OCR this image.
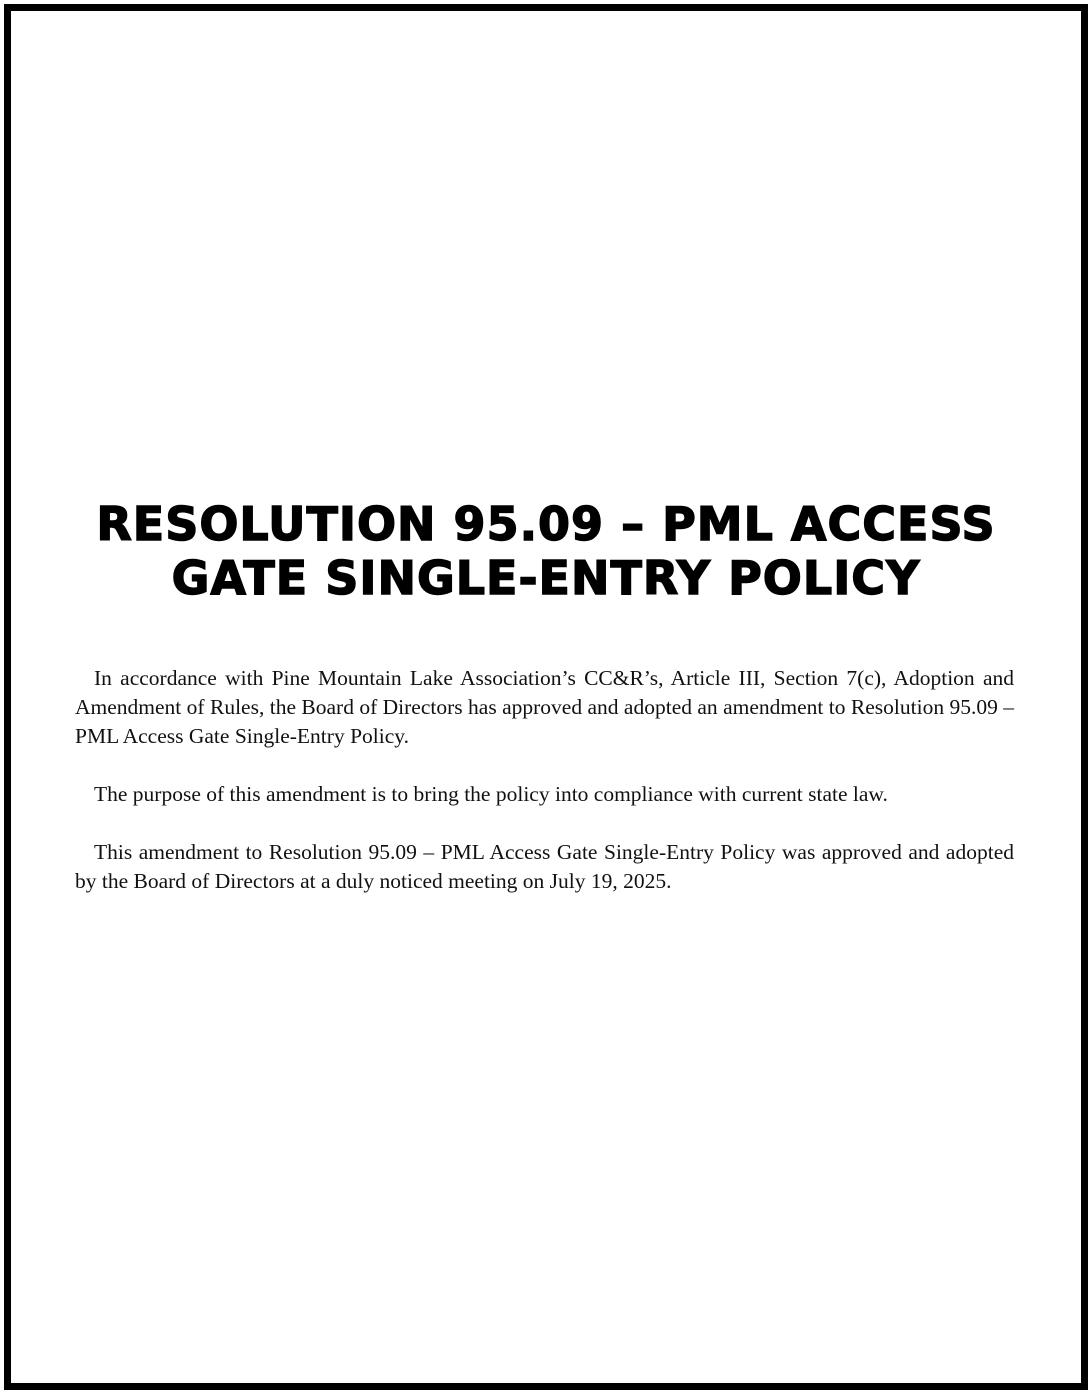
RESOLUTION 95.09 – PML ACCESS
GATE SINGLE-ENTRY POLICY

In accordance with Pine Mountain Lake Association’s CC&R’s, Article III, Section 7(c), Adoption and Amendment of Rules, the Board of Directors has approved and adopted an amendment to Resolution 95.09 – PML Access Gate Single-Entry Policy.

The purpose of this amendment is to bring the policy into compliance with current state law.

This amendment to Resolution 95.09 – PML Access Gate Single-Entry Policy was approved and adopted by the Board of Directors at a duly noticed meeting on July 19, 2025.
